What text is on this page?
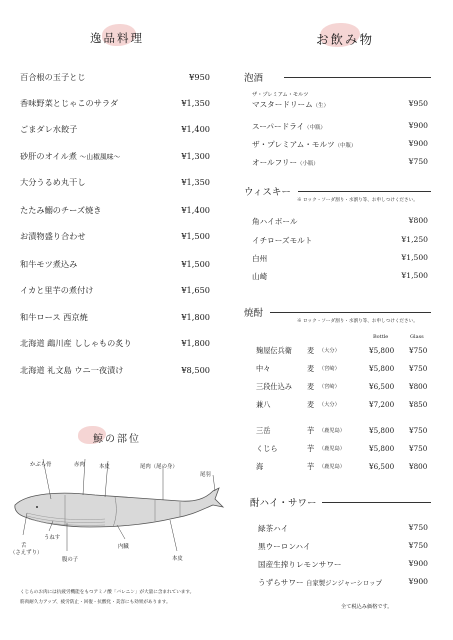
逸品料理	お飲み物
百合根の玉子とじ	¥950
香味野菜とじゃこのサラダ	¥1,350
ごまダレ水餃子	¥1,400
砂肝のオイル煮 ～山椒風味～	¥1,300
大分うるめ丸干し	¥1,350
たたみ鰯のチーズ焼き	¥1,400
お漬物盛り合わせ	¥1,500
和牛モツ煮込み	¥1,500
イカと里芋の煮付け	¥1,650
和牛ロース 西京焼	¥1,800
北海道 鵡川産 ししゃもの炙り	¥1,800
北海道 礼文島 ウニ一夜漬け	¥8,500
鯨の部位
かぶら骨	赤肉	本皮	尾肉（尾の身）
尾羽
舌
（さえずり）
うねす
腹の子
内臓
本皮
くじらのお肉には抗疲労機能をもつアミノ酸「バレニン」が大量に含まれています。
筋肉耐久力アップ、疲労防止・回復・抗酸化・美容にも効果があります。
泡酒
ザ・プレミアム・モルツ
マスタードリーム（生）	¥950
スーパードライ（中瓶）	¥900
ザ・プレミアム・モルツ（中瓶）	¥900
オールフリー（小瓶）	¥750
ウィスキー
※ ロック・ソーダ割り・水割り等、お申しつけください。
角ハイボール	¥800
イチローズモルト	¥1,250
白州	¥1,500
山崎	¥1,500
焼酎
※ ロック・ソーダ割り・水割り等、お申しつけください。
Bottle	Glass
麹屋伝兵衛 麦 （大分）	¥5,800 ¥750
中々	麦 （宮崎）	¥5,800 ¥750
三段仕込み 麦 （宮崎）	¥6,500 ¥800
兼八	麦 （大分）	¥7,200 ¥850
三岳	芋 （鹿児島）	¥5,800 ¥750
くじら	芋 （鹿児島）	¥5,800 ¥750
海	芋 （鹿児島）	¥6,500 ¥800
酎ハイ・サワー
緑茶ハイ	¥750
黒ウーロンハイ	¥750
国産生搾りレモンサワー	¥900
うずらサワー 自家製ジンジャーシロップ	¥900
全て税込み価格です。
